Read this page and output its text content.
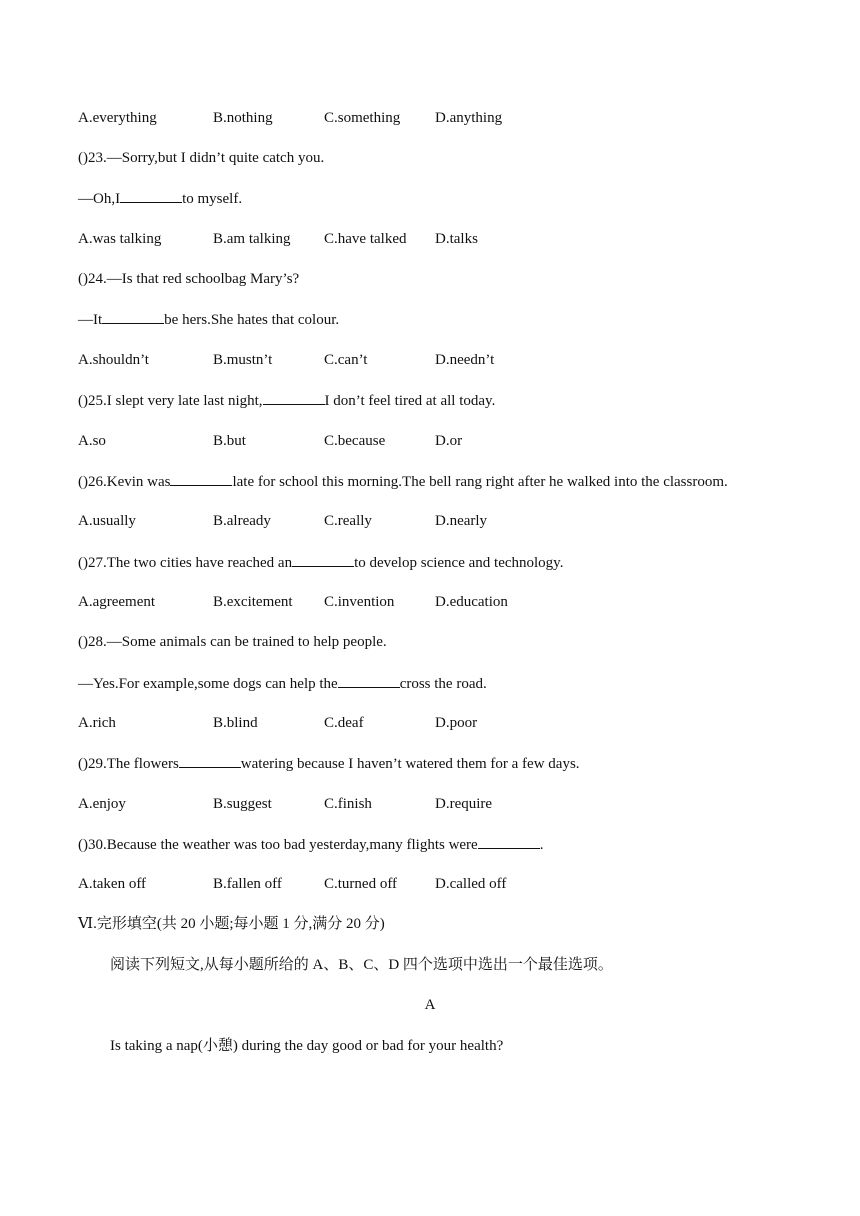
A.everything	B.nothing	C.something D.anything
()23.—Sorry,but I didn’t quite catch you.
—Oh,I	to myself.
A.was talking	B.am talking C.have talked D.talks
()24.—Is that red schoolbag Mary’s?
—It	be hers.She hates that colour.
A.shouldn’t	B.mustn’t	C.can’t	D.needn’t
()25.I slept very late last night,	I don’t feel tired at all today.
A.so	B.but	C.because	D.or
()26.Kevin was	late for school this morning.The bell rang right after he walked into the classroom.
A.usually	B.already	C.really	D.nearly
()27.The two cities have reached an	to develop science and technology.
A.agreement	B.excitement C.invention	D.education
()28.—Some animals can be trained to help people.
—Yes.For example,some dogs can help the	cross the road.
A.rich	B.blind	C.deaf	D.poor
()29.The flowers	watering because I haven’t watered them for a few days.
A.enjoy	B.suggest	C.finish	D.require
()30.Because the weather was too bad yesterday,many flights were	.
A.taken off	B.fallen off	C.turned off	D.called off
Ⅵ.完形填空(共 20 小题;每小题 1 分,满分 20 分)
阅读下列短文,从每小题所给的 A、B、C、D 四个选项中选出一个最佳选项。
A
Is taking a nap(小憩) during the day good or bad for your health?
